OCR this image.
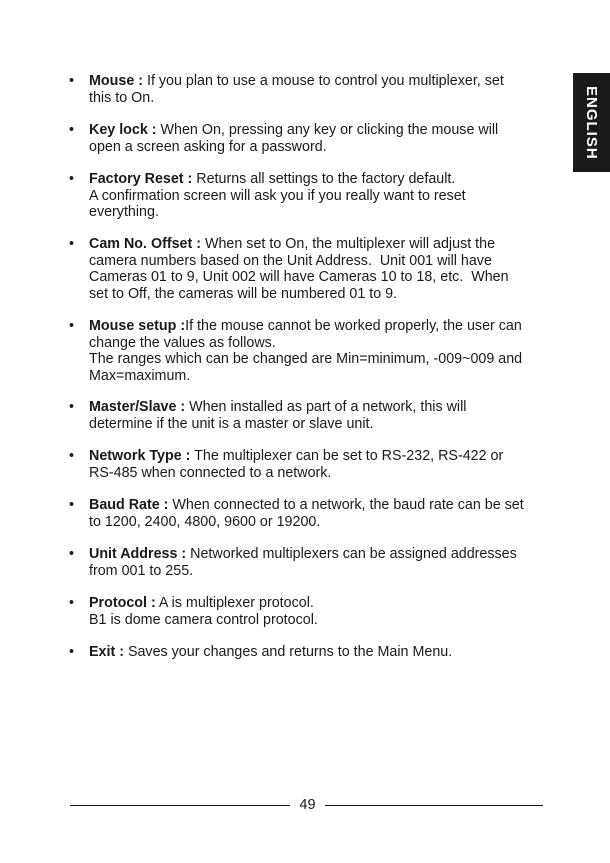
ENGLISH
• Mouse : If you plan to use a mouse to control you multiplexer, set
this to On.
• Key lock : When On, pressing any key or clicking the mouse will
open a screen asking for a password.
• Factory Reset : Returns all settings to the factory default.
A confirmation screen will ask you if you really want to reset
everything.
• Cam No. Offset : When set to On, the multiplexer will adjust the
camera numbers based on the Unit Address.  Unit 001 will have
Cameras 01 to 9, Unit 002 will have Cameras 10 to 18, etc.  When
set to Off, the cameras will be numbered 01 to 9.
• Mouse setup :If the mouse cannot be worked properly, the user can
change the values as follows.
The ranges which can be changed are Min=minimum, -009~009 and
Max=maximum.
• Master/Slave : When installed as part of a network, this will
determine if the unit is a master or slave unit.
• Network Type : The multiplexer can be set to RS-232, RS-422 or
RS-485 when connected to a network.
• Baud Rate : When connected to a network, the baud rate can be set
to 1200, 2400, 4800, 9600 or 19200.
• Unit Address : Networked multiplexers can be assigned addresses
from 001 to 255.
• Protocol : A is multiplexer protocol.
B1 is dome camera control protocol.
• Exit : Saves your changes and returns to the Main Menu.
49
